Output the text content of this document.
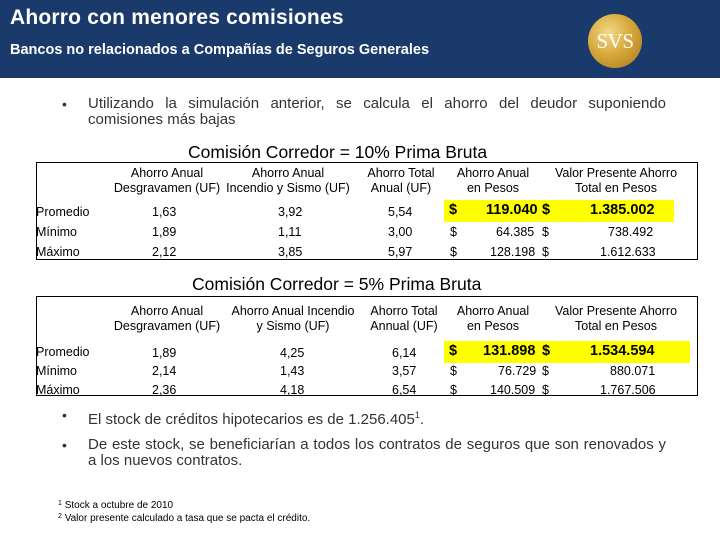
Ahorro con menores comisiones
Bancos no relacionados a Compañías de Seguros Generales	SVS
• Utilizando la simulación anterior, se calcula el ahorro del deudor suponiendo comisiones más bajas
Comisión Corredor = 10% Prima Bruta
Ahorro Anual
Desgravamen (UF)
Ahorro Anual
Incendio y Sismo (UF)
Ahorro Total
Anual (UF)
Ahorro Anual
en Pesos
Valor Presente Ahorro
Total en Pesos
Promedio	1,63	3,92	5,54	$ 119.040 $	1.385.002
Mínimo	1,89	1,11	3,00	$	64.385 $	738.492
Máximo	2,12	3,85	5,97	$	128.198 $	1.612.633
Comisión Corredor = 5% Prima Bruta
Ahorro Anual
Desgravamen (UF)
Ahorro Anual Incendio
y Sismo (UF)
Ahorro Total
Annual (UF)
Ahorro Anual
en Pesos
Valor Presente Ahorro
Total en Pesos
Promedio	1,89	4,25	6,14 $ 131.898 $	1.534.594
Mínimo	2,14	1,43	3,57	$	76.729 $	880.071
Máximo	2,36	4,18	6,54	$	140.509 $	1.767.506
• El stock de créditos hipotecarios es de 1.256.405$^1$.
• De este stock, se beneficiarían a todos los contratos de seguros que son renovados y a los nuevos contratos.
$^1$ Stock a octubre de 2010
$^2$ Valor presente calculado a tasa que se pacta el crédito.
